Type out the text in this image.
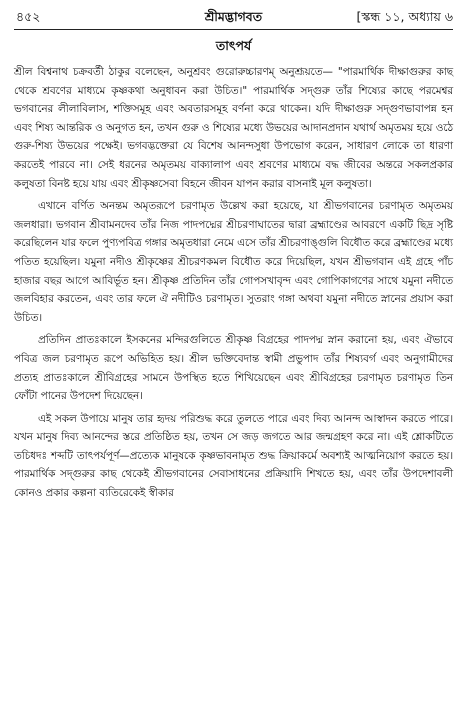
৪৫২	শ্রীমদ্ভাগবত	[স্কন্ধ ১১, অধ্যায় ৬
তাৎপর্য

শ্রীল বিশ্বনাথ চক্রবর্তী ঠাকুর বলেছেন, অনুশ্রবং গুরোরুচ্চারণম্ অনুশ্রূয়তে— "পারমার্থিক দীক্ষাগুরুর কাছ থেকে শ্রবণের মাধ্যমে কৃষ্ণকথা অনুধাবন করা উচিত।" পারমার্থিক সদ্গুরু তাঁর শিষ্যের কাছে পরমেশ্বর ভগবানের লীলাবিলাস, শক্তিসমূহ এবং অবতারসমূহ বর্ণনা করে থাকেন। যদি দীক্ষাগুরু সদ্গুণভাবাপন্ন হন এবং শিষ্য আন্তরিক ও অনুগত হন, তখন গুরু ও শিষ্যের মধ্যে উভয়ের আদানপ্রদান যথার্থ অমৃতময় হয়ে ওঠে গুরু-শিষ্য উভয়ের পক্ষেই। ভগবদ্ভক্তেরা যে বিশেষ আনন্দসুধা উপভোগ করেন, সাধারণ লোকে তা ধারণা করতেই পারবে না। সেই ধরনের অমৃতময় বাক্যালাপ এবং শ্রবণের মাধ্যমে বদ্ধ জীবের অন্তরে সকলপ্রকার কলুষতা বিনষ্ট হয়ে যায় এবং শ্রীকৃষ্ণসেবা বিহনে জীবন যাপন করার বাসনাই মূল কলুষতা।

এখানে বর্ণিত অনন্তম অমৃতরূপে চরণামৃত উল্লেখ করা হয়েছে, যা শ্রীভগবানের চরণামৃত অমৃতময় জলধারা। ভগবান শ্রীবামনদেব তাঁর নিজ পাদপদ্মের শ্রীচরণাঘাতের দ্বারা ব্রহ্মাণ্ডের আবরণে একটি ছিদ্র সৃষ্টি করেছিলেন যার ফলে পুণ্যপবিত্র গঙ্গার অমৃতধারা নেমে এসে তাঁর শ্রীচরণাঙ্গুলি বিধৌত করে ব্রহ্মাণ্ডের মধ্যে পতিত হয়েছিল। যমুনা নদীও শ্রীকৃষ্ণের শ্রীচরণকমল বিধৌত করে দিয়েছিল, যখন শ্রীভগবান এই গ্রহে পাঁচ হাজার বছর আগে আবির্ভূত হন। শ্রীকৃষ্ণ প্রতিদিন তাঁর গোপসখাবৃন্দ এবং গোপিকাগণের সাথে যমুনা নদীতে জলবিহার করতেন, এবং তার ফলে ঐ নদীটিও চরণামৃত। সুতরাং গঙ্গা অথবা যমুনা নদীতে স্নানের প্রয়াস করা উচিত।

প্রতিদিন প্রাতঃকালে ইসকনের মন্দিরগুলিতে শ্রীকৃষ্ণ বিগ্রহের পাদপদ্ম স্নান করানো হয়, এবং ঐভাবে পবিত্র জল চরণামৃত রূপে অভিহিত হয়। শ্রীল ভক্তিবেদান্ত স্বামী প্রভুপাদ তাঁর শিষ্যবর্গ এবং অনুগামীদের প্রত্যহ প্রাতঃকালে শ্রীবিগ্রহের সামনে উপস্থিত হতে শিখিয়েছেন এবং শ্রীবিগ্রহের চরণামৃত চরণামৃত তিন ফোঁটা পানের উপদেশ দিয়েছেন।

এই সকল উপায়ে মানুষ তার হৃদয় পরিশুদ্ধ করে তুলতে পারে এবং দিব্য আনন্দ আস্বাদন করতে পারে। যখন মানুষ দিব্য আনন্দের স্তরে প্রতিষ্ঠিত হয়, তখন সে জড় জগতে আর জন্মগ্রহণ করে না। এই শ্লোকটিতে তচিধদঃ শব্দটি তাৎপর্যপূর্ণ—প্রত্যেক মানুষকে কৃষ্ণভাবনামৃত শুদ্ধ ক্রিয়াকর্মে অবশ্যই আত্মনিয়োগ করতে হয়। পারমার্থিক সদ্গুরুর কাছ থেকেই শ্রীভগবানের সেবাসাধনের প্রক্রিয়াদি শিখতে হয়, এবং তাঁর উপদেশাবলী কোনও প্রকার কল্পনা ব্যতিরেকেই স্বীকার
